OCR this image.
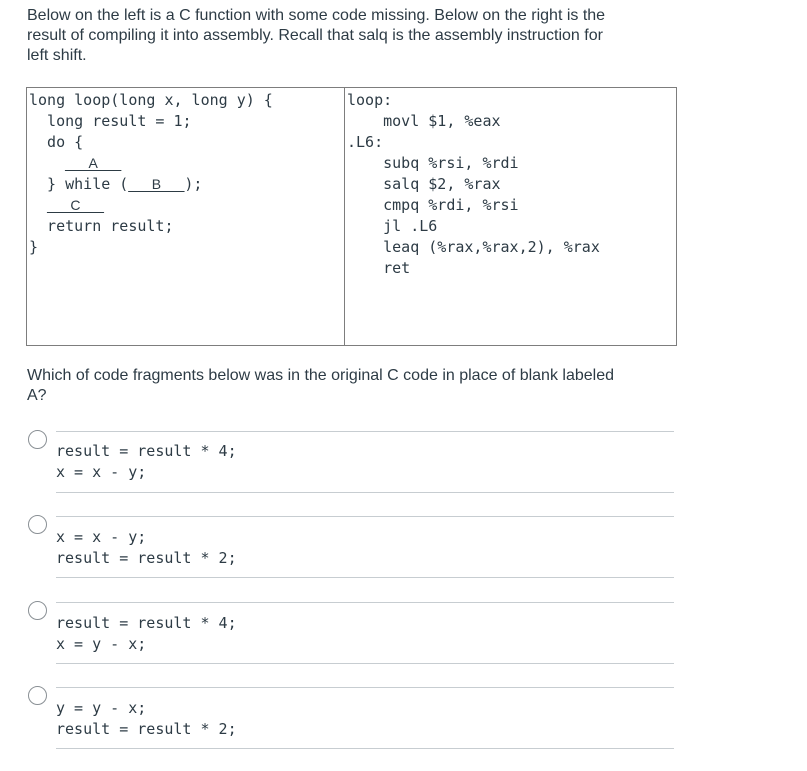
Below on the left is a C function with some code missing. Below on the right is the
result of compiling it into assembly. Recall that salq is the assembly instruction for
left shift.
long loop(long x, long y) {
long result = 1;
do {
___A___
} while (___B___);
___C___
return result;
}
loop:
movl $1, %eax
.L6:
subq %rsi, %rdi
salq $2, %rax
cmpq %rdi, %rsi
jl .L6
leaq (%rax,%rax,2), %rax
ret
Which of code fragments below was in the original C code in place of blank labeled
A?
result = result * 4;
x = x - y;
x = x - y;
result = result * 2;
result = result * 4;
x = y - x;
y = y - x;
result = result * 2;
